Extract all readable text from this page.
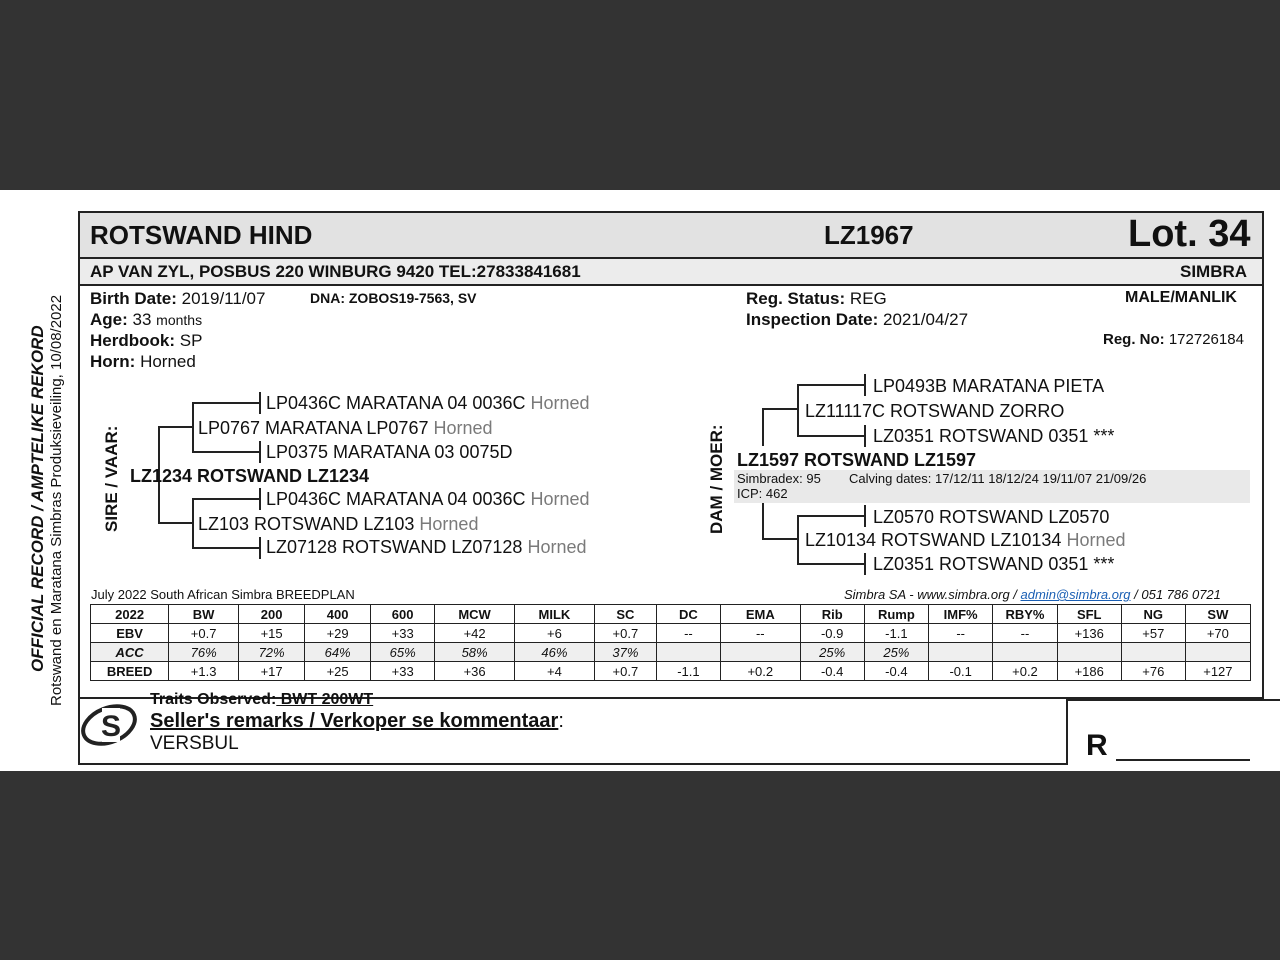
OFFICIAL RECORD / AMPTELIKE REKORD Rotswand en Maratana Simbras Produksieveiling, 10/08/2022
ROTSWAND HIND	LZ1967	Lot. 34
AP VAN ZYL, POSBUS 220 WINBURG 9420 TEL:27833841681	SIMBRA
Birth Date: 2019/11/07	DNA: ZOBOS19-7563, SV
Age: 33 months
Herdbook: SP
Horn: Horned
Reg. Status: REG
Inspection Date: 2021/04/27
MALE/MANLIK
Reg. No: 172726184
SIRE / VAAR:
LP0436C MARATANA 04 0036C Horned
LP0767 MARATANA LP0767 Horned
LP0375 MARATANA 03 0075D
LZ1234 ROTSWAND LZ1234
LP0436C MARATANA 04 0036C Horned
LZ103 ROTSWAND LZ103 Horned
LZ07128 ROTSWAND LZ07128 Horned
DAM / MOER:
LP0493B MARATANA PIETA
LZ11117C ROTSWAND ZORRO
LZ0351 ROTSWAND 0351 ***
LZ1597 ROTSWAND LZ1597
Simbradex: 95 Calving dates: 17/12/11 18/12/24 19/11/07 21/09/26
ICP: 462
LZ0570 ROTSWAND LZ0570
LZ10134 ROTSWAND LZ10134 Horned
LZ0351 ROTSWAND 0351 ***
July 2022 South African Simbra BREEDPLAN	Simbra SA - www.simbra.org / admin@simbra.org / 051 786 0721
2022	BW	200	400	600	MCW	MILK	SC	DC	EMA	Rib	Rump	IMF%	RBY%	SFL	NG	SW
EBV	+0.7	+15	+29	+33	+42	+6	+0.7	--	--	-0.9	-1.1	--	--	+136	+57	+70
ACC	76%	72%	64%	65%	58%	46%	37%			25%	25%					
BREED	+1.3	+17	+25	+33	+36	+4	+0.7	-1.1	+0.2	-0.4	-0.4	-0.1	+0.2	+186	+76	+127
S
Traits Observed: BWT 200WT
Seller's remarks / Verkoper se kommentaar:
VERSBUL	R
